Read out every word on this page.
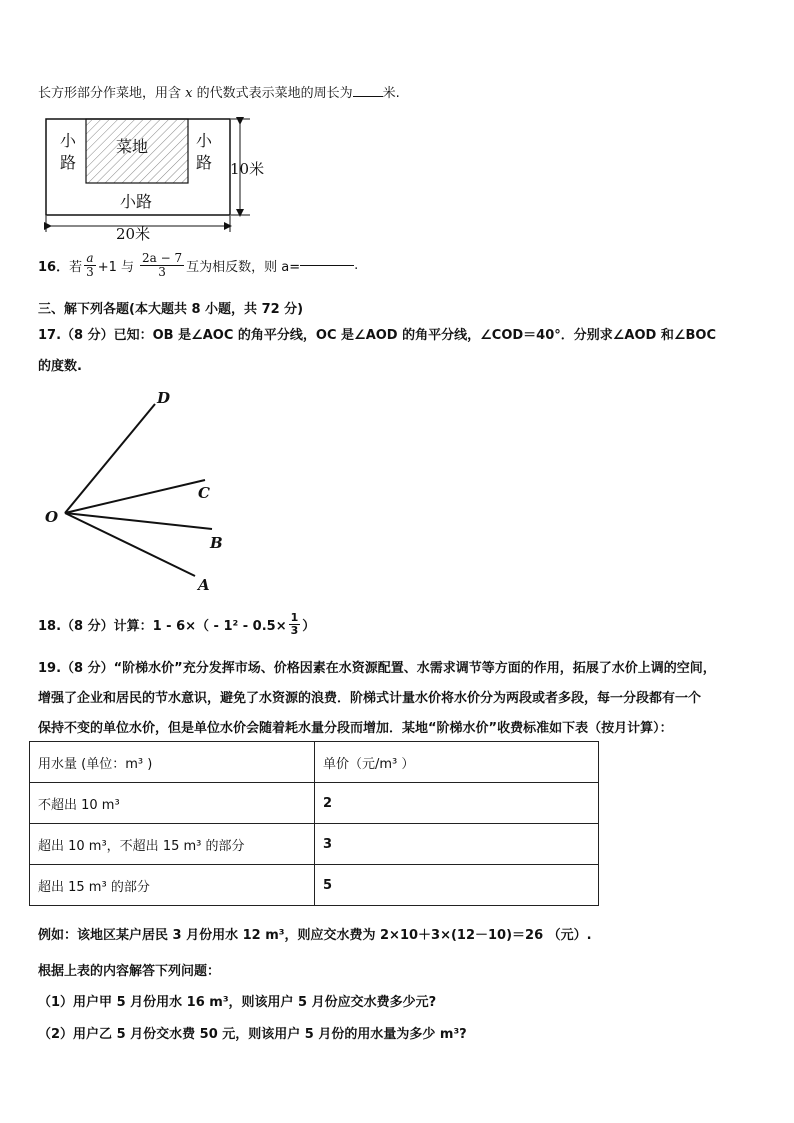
长方形部分作菜地，用含 x 的代数式表示菜地的周长为 米.
小
路
菜地	小
路
小路
10米
20米
16． 若 $\frac{a}{3} +1$ 与 $\frac{2a - 7}{3}$ 互为相反数，则 a=	.
三、解下列各题(本大题共 8 小题，共 72 分)
17.（8 分）已知：OB 是∠AOC 的角平分线，OC 是∠AOD 的角平分线，∠COD＝40°．分别求∠AOD 和∠BOC
的度数.
O
D
C
B
A
18.（8 分）计算：$1 - 6\times( - 1^2 - 0.5\times \frac{1}{3}$ ）
19.（8 分）“阶梯水价”充分发挥市场、价格因素在水资源配置、水需求调节等方面的作用，拓展了水价上调的空间，
增强了企业和居民的节水意识，避免了水资源的浪费．阶梯式计量水价将水价分为两段或者多段，每一分段都有一个
保持不变的单位水价，但是单位水价会随着耗水量分段而增加．某地“阶梯水价”收费标准如下表（按月计算）：
用水量 (单位：m³ )	单价（元/m³ ）
不超出 10 m³	2
超出 10 m³，不超出 15 m³ 的部分	3
超出 15 m³ 的部分	5
例如：该地区某户居民 3 月份用水 12 m³，则应交水费为 2×10＋3×(12－10)＝26 （元）.
根据上表的内容解答下列问题：
（1）用户甲 5 月份用水 16 m³，则该用户 5 月份应交水费多少元?
（2）用户乙 5 月份交水费 50 元，则该用户 5 月份的用水量为多少 m³?
